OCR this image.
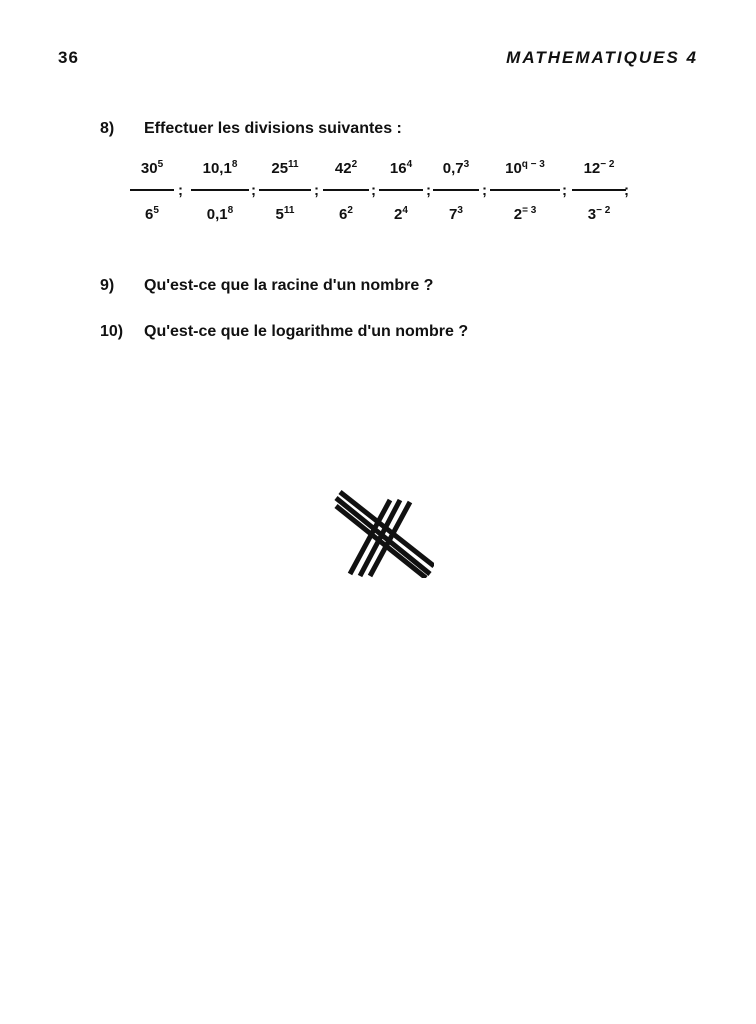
36	MATHEMATIQUES 4
8) Effectuer les divisions suivantes :
$30^5$
$6^5$
;
10,1$^8$
$0,1^8$
;
$25^{11}$
$5^{11}$
;
$42^2$
$6^2$
;
$16^4$
$2^4$
;
$0,7^3$
$7^3$
;
$10^{q - 3}$
$2^{= 3}$
;
$12^{- 2}$
$3^{- 2}$
;
9) Qu'est-ce que la racine d'un nombre ?
10) Qu'est-ce que le logarithme d'un nombre ?
